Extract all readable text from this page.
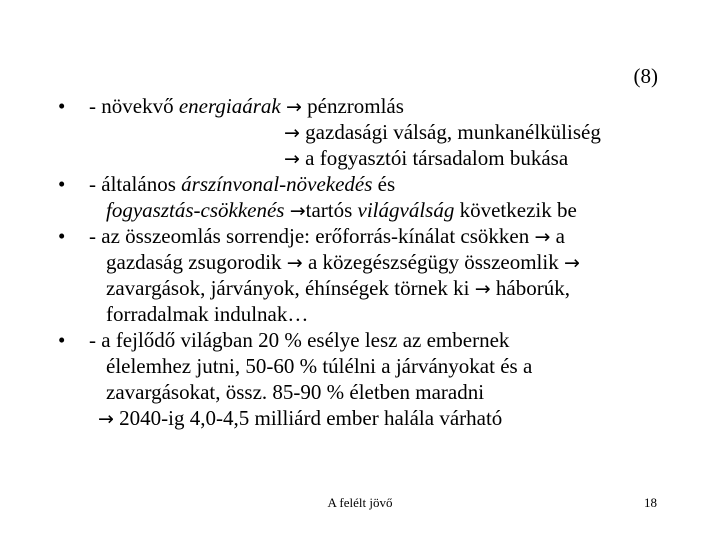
(8)
• - növekvő energiaárak → pénzromlás
→ gazdasági válság, munkanélküliség
→ a fogyasztói társadalom bukása
• - általános árszínvonal-növekedés és
fogyasztás-csökkenés →tartós világválság következik be
• - az összeomlás sorrendje: erőforrás-kínálat csökken → a
gazdaság zsugorodik → a közegészségügy összeomlik →
zavargások, járványok, éhínségek törnek ki → háborúk,
forradalmak indulnak…
• - a fejlődő világban 20 % esélye lesz az embernek
élelemhez jutni, 50-60 % túlélni a járványokat és a
zavargásokat, össz. 85-90 % életben maradni
→ 2040-ig 4,0-4,5 milliárd ember halála várható
A felélt jövő	18
